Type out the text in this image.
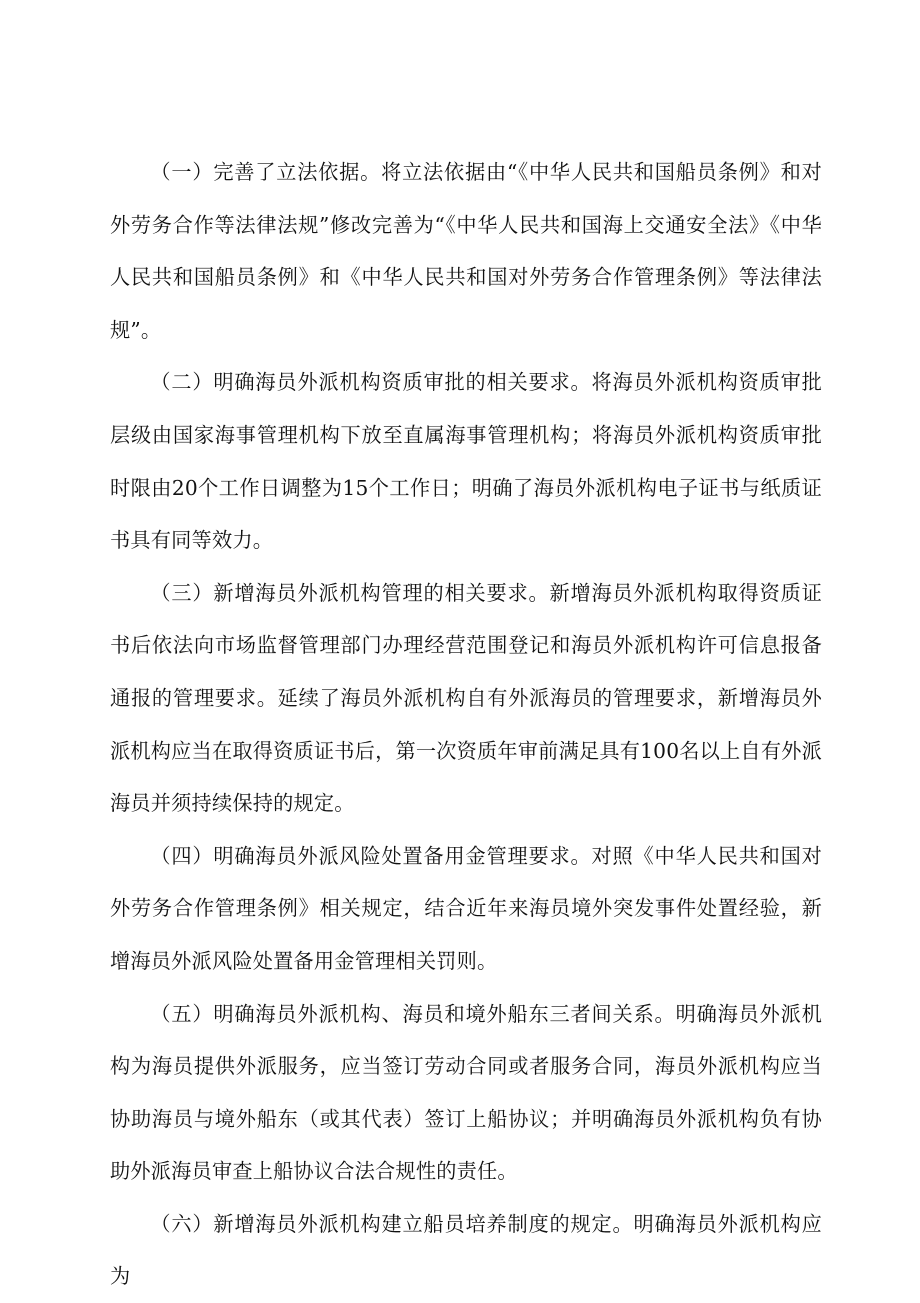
（一）完善了立法依据。将立法依据由“《中华人民共和国船员条例》和对外劳务合作等法律法规”修改完善为“《中华人民共和国海上交通安全法》《中华人民共和国船员条例》和《中华人民共和国对外劳务合作管理条例》等法律法规”。

（二）明确海员外派机构资质审批的相关要求。将海员外派机构资质审批层级由国家海事管理机构下放至直属海事管理机构；将海员外派机构资质审批时限由20个工作日调整为15个工作日；明确了海员外派机构电子证书与纸质证书具有同等效力。

（三）新增海员外派机构管理的相关要求。新增海员外派机构取得资质证书后依法向市场监督管理部门办理经营范围登记和海员外派机构许可信息报备通报的管理要求。延续了海员外派机构自有外派海员的管理要求，新增海员外派机构应当在取得资质证书后，第一次资质年审前满足具有100名以上自有外派海员并须持续保持的规定。

（四）明确海员外派风险处置备用金管理要求。对照《中华人民共和国对外劳务合作管理条例》相关规定，结合近年来海员境外突发事件处置经验，新增海员外派风险处置备用金管理相关罚则。

（五）明确海员外派机构、海员和境外船东三者间关系。明确海员外派机构为海员提供外派服务，应当签订劳动合同或者服务合同，海员外派机构应当协助海员与境外船东（或其代表）签订上船协议；并明确海员外派机构负有协助外派海员审查上船协议合法合规性的责任。

（六）新增海员外派机构建立船员培养制度的规定。明确海员外派机构应为
